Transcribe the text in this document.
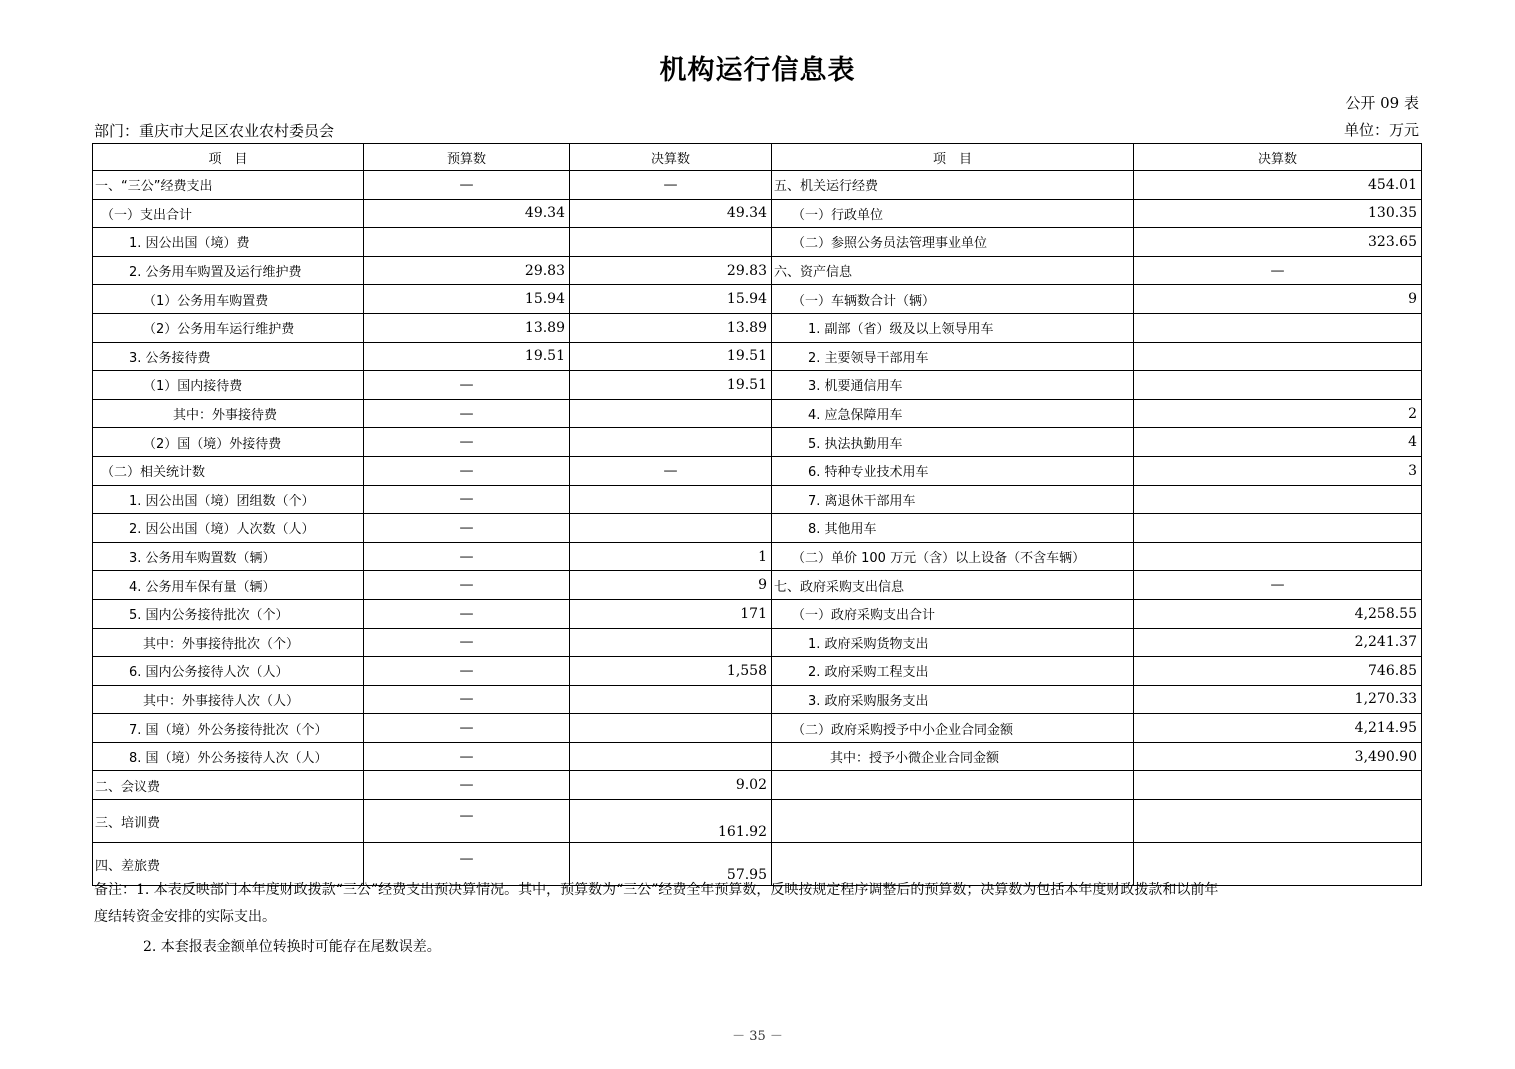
机构运行信息表
公开 09 表
部门：重庆市大足区农业农村委员会	单位：万元
项　目	预算数	决算数	项　目	决算数
一、“三公”经费支出	—	—	五、机关运行经费	454.01
（一）支出合计	49.34	49.34	（一）行政单位	130.35
1. 因公出国（境）费			（二）参照公务员法管理事业单位	323.65
2. 公务用车购置及运行维护费	29.83	29.83	六、资产信息	—
（1）公务用车购置费	15.94	15.94	（一）车辆数合计（辆）	9
（2）公务用车运行维护费	13.89	13.89	1. 副部（省）级及以上领导用车	
3. 公务接待费	19.51	19.51	2. 主要领导干部用车	
（1）国内接待费	—	19.51	3. 机要通信用车	
其中：外事接待费	—		4. 应急保障用车	2
（2）国（境）外接待费	—		5. 执法执勤用车	4
（二）相关统计数	—	—	6. 特种专业技术用车	3
1. 因公出国（境）团组数（个）	—		7. 离退休干部用车	
2. 因公出国（境）人次数（人）	—		8. 其他用车	
3. 公务用车购置数（辆）	—	1	（二）单价 100 万元（含）以上设备（不含车辆）	
4. 公务用车保有量（辆）	—	9	七、政府采购支出信息	—
5. 国内公务接待批次（个）	—	171	（一）政府采购支出合计	4,258.55
其中：外事接待批次（个）	—		1. 政府采购货物支出	2,241.37
6. 国内公务接待人次（人）	—	1,558	2. 政府采购工程支出	746.85
其中：外事接待人次（人）	—		3. 政府采购服务支出	1,270.33
7. 国（境）外公务接待批次（个）	—		（二）政府采购授予中小企业合同金额	4,214.95
8. 国（境）外公务接待人次（人）	—		其中：授予小微企业合同金额	3,490.90
二、会议费	—	9.02		
三、培训费	—	161.92		
四、差旅费	—	57.95		
备注：1. 本表反映部门本年度财政拨款“三公”经费支出预决算情况。其中，预算数为“三公”经费全年预算数，反映按规定程序调整后的预算数；决算数为包括本年度财政拨款和以前年
度结转资金安排的实际支出。
2. 本套报表金额单位转换时可能存在尾数误差。
－ 35 －
